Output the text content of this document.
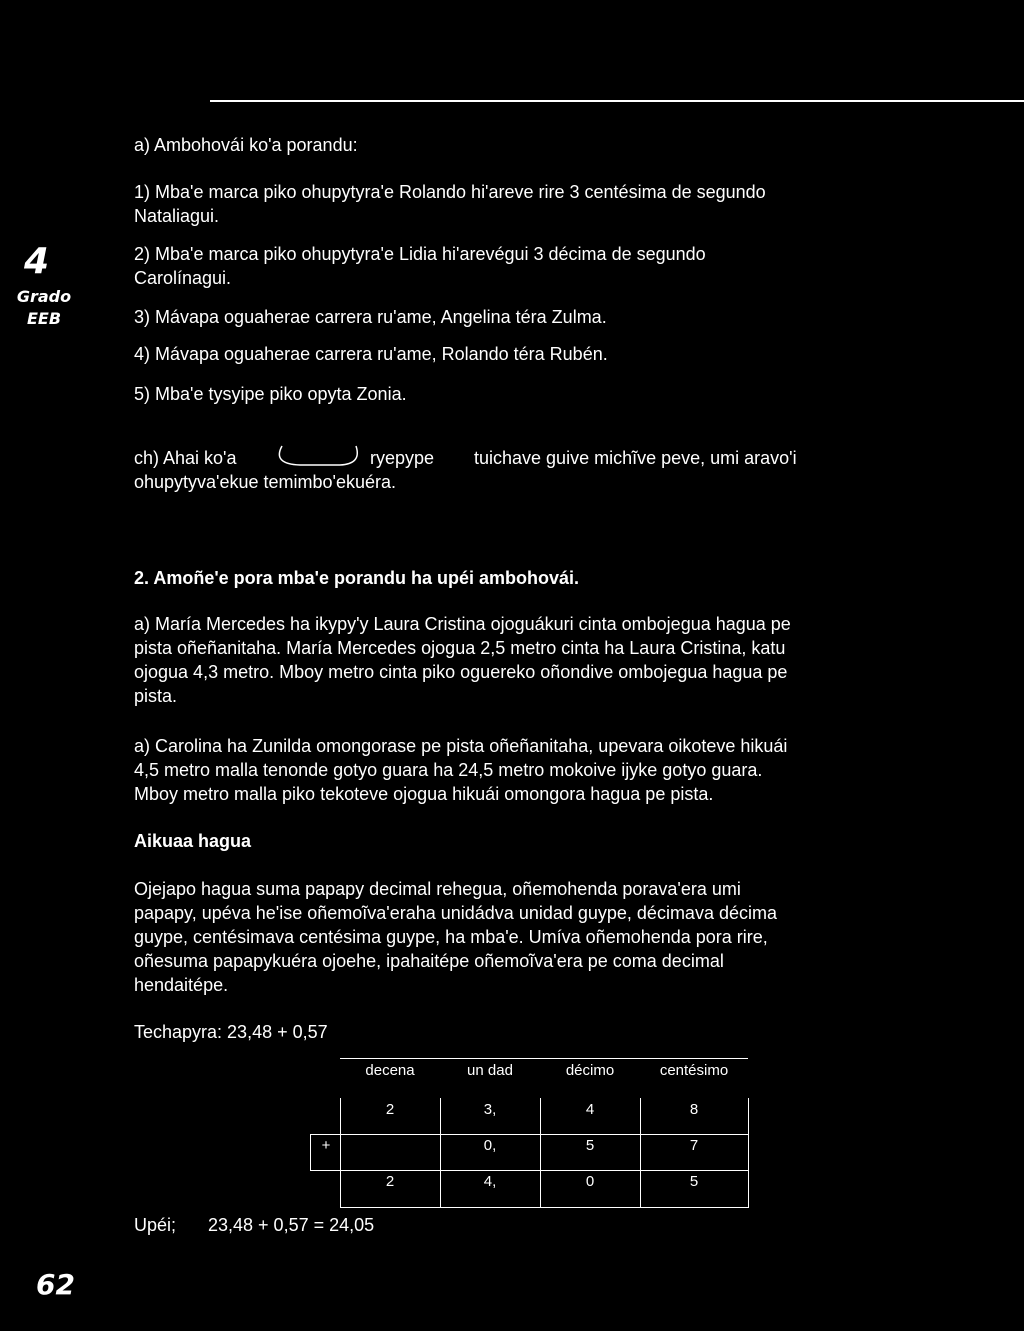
4
Grado
EEB
62
a) Ambohovái ko'a porandu:
1) Mba'e marca piko ohupytyra'e Rolando hi'areve rire 3 centésima de segundo
Nataliagui.
2) Mba'e marca piko ohupytyra'e Lidia hi'arevégui 3 décima de segundo
Carolínagui.
3) Mávapa oguaherae carrera ru'ame, Angelina téra Zulma.
4) Mávapa oguaherae carrera ru'ame, Rolando téra Rubén.
5) Mba'e tysyipe piko opyta Zonia.
ch) Ahai ko'a	ryepype tuichave guive michĩve peve, umi aravo'i
ohupytyva'ekue temimbo'ekuéra.
2. Amoñe'e pora mba'e porandu ha upéi ambohovái.
a) María Mercedes ha ikypy'y Laura Cristina ojoguákuri cinta ombojegua hagua pe
pista oñeñanitaha. María Mercedes ojogua 2,5 metro cinta ha Laura Cristina, katu
ojogua 4,3 metro. Mboy metro cinta piko oguereko oñondive ombojegua hagua pe
pista.
a) Carolina ha Zunilda omongorase pe pista oñeñanitaha, upevara oikoteve hikuái
4,5 metro malla tenonde gotyo guara ha 24,5 metro mokoive ijyke gotyo guara.
Mboy metro malla piko tekoteve ojogua hikuái omongora hagua pe pista.
Aikuaa hagua
Ojejapo hagua suma papapy decimal rehegua, oñemohenda porava'era umi
papapy, upéva he'ise oñemoĩva'eraha unidádva unidad guype, décimava décima
guype, centésimava centésima guype, ha mba'e. Umíva oñemohenda pora rire,
oñesuma papapykuéra ojoehe, ipahaitépe oñemoĩva'era pe coma decimal
hendaitépe.
Techapyra: 23,48 + 0,57
decena	un dad	décimo	centésimo
2	3,	4	8
+	0,	5	7
2	4,	0	5
Upéi; 23,48 + 0,57 = 24,05
